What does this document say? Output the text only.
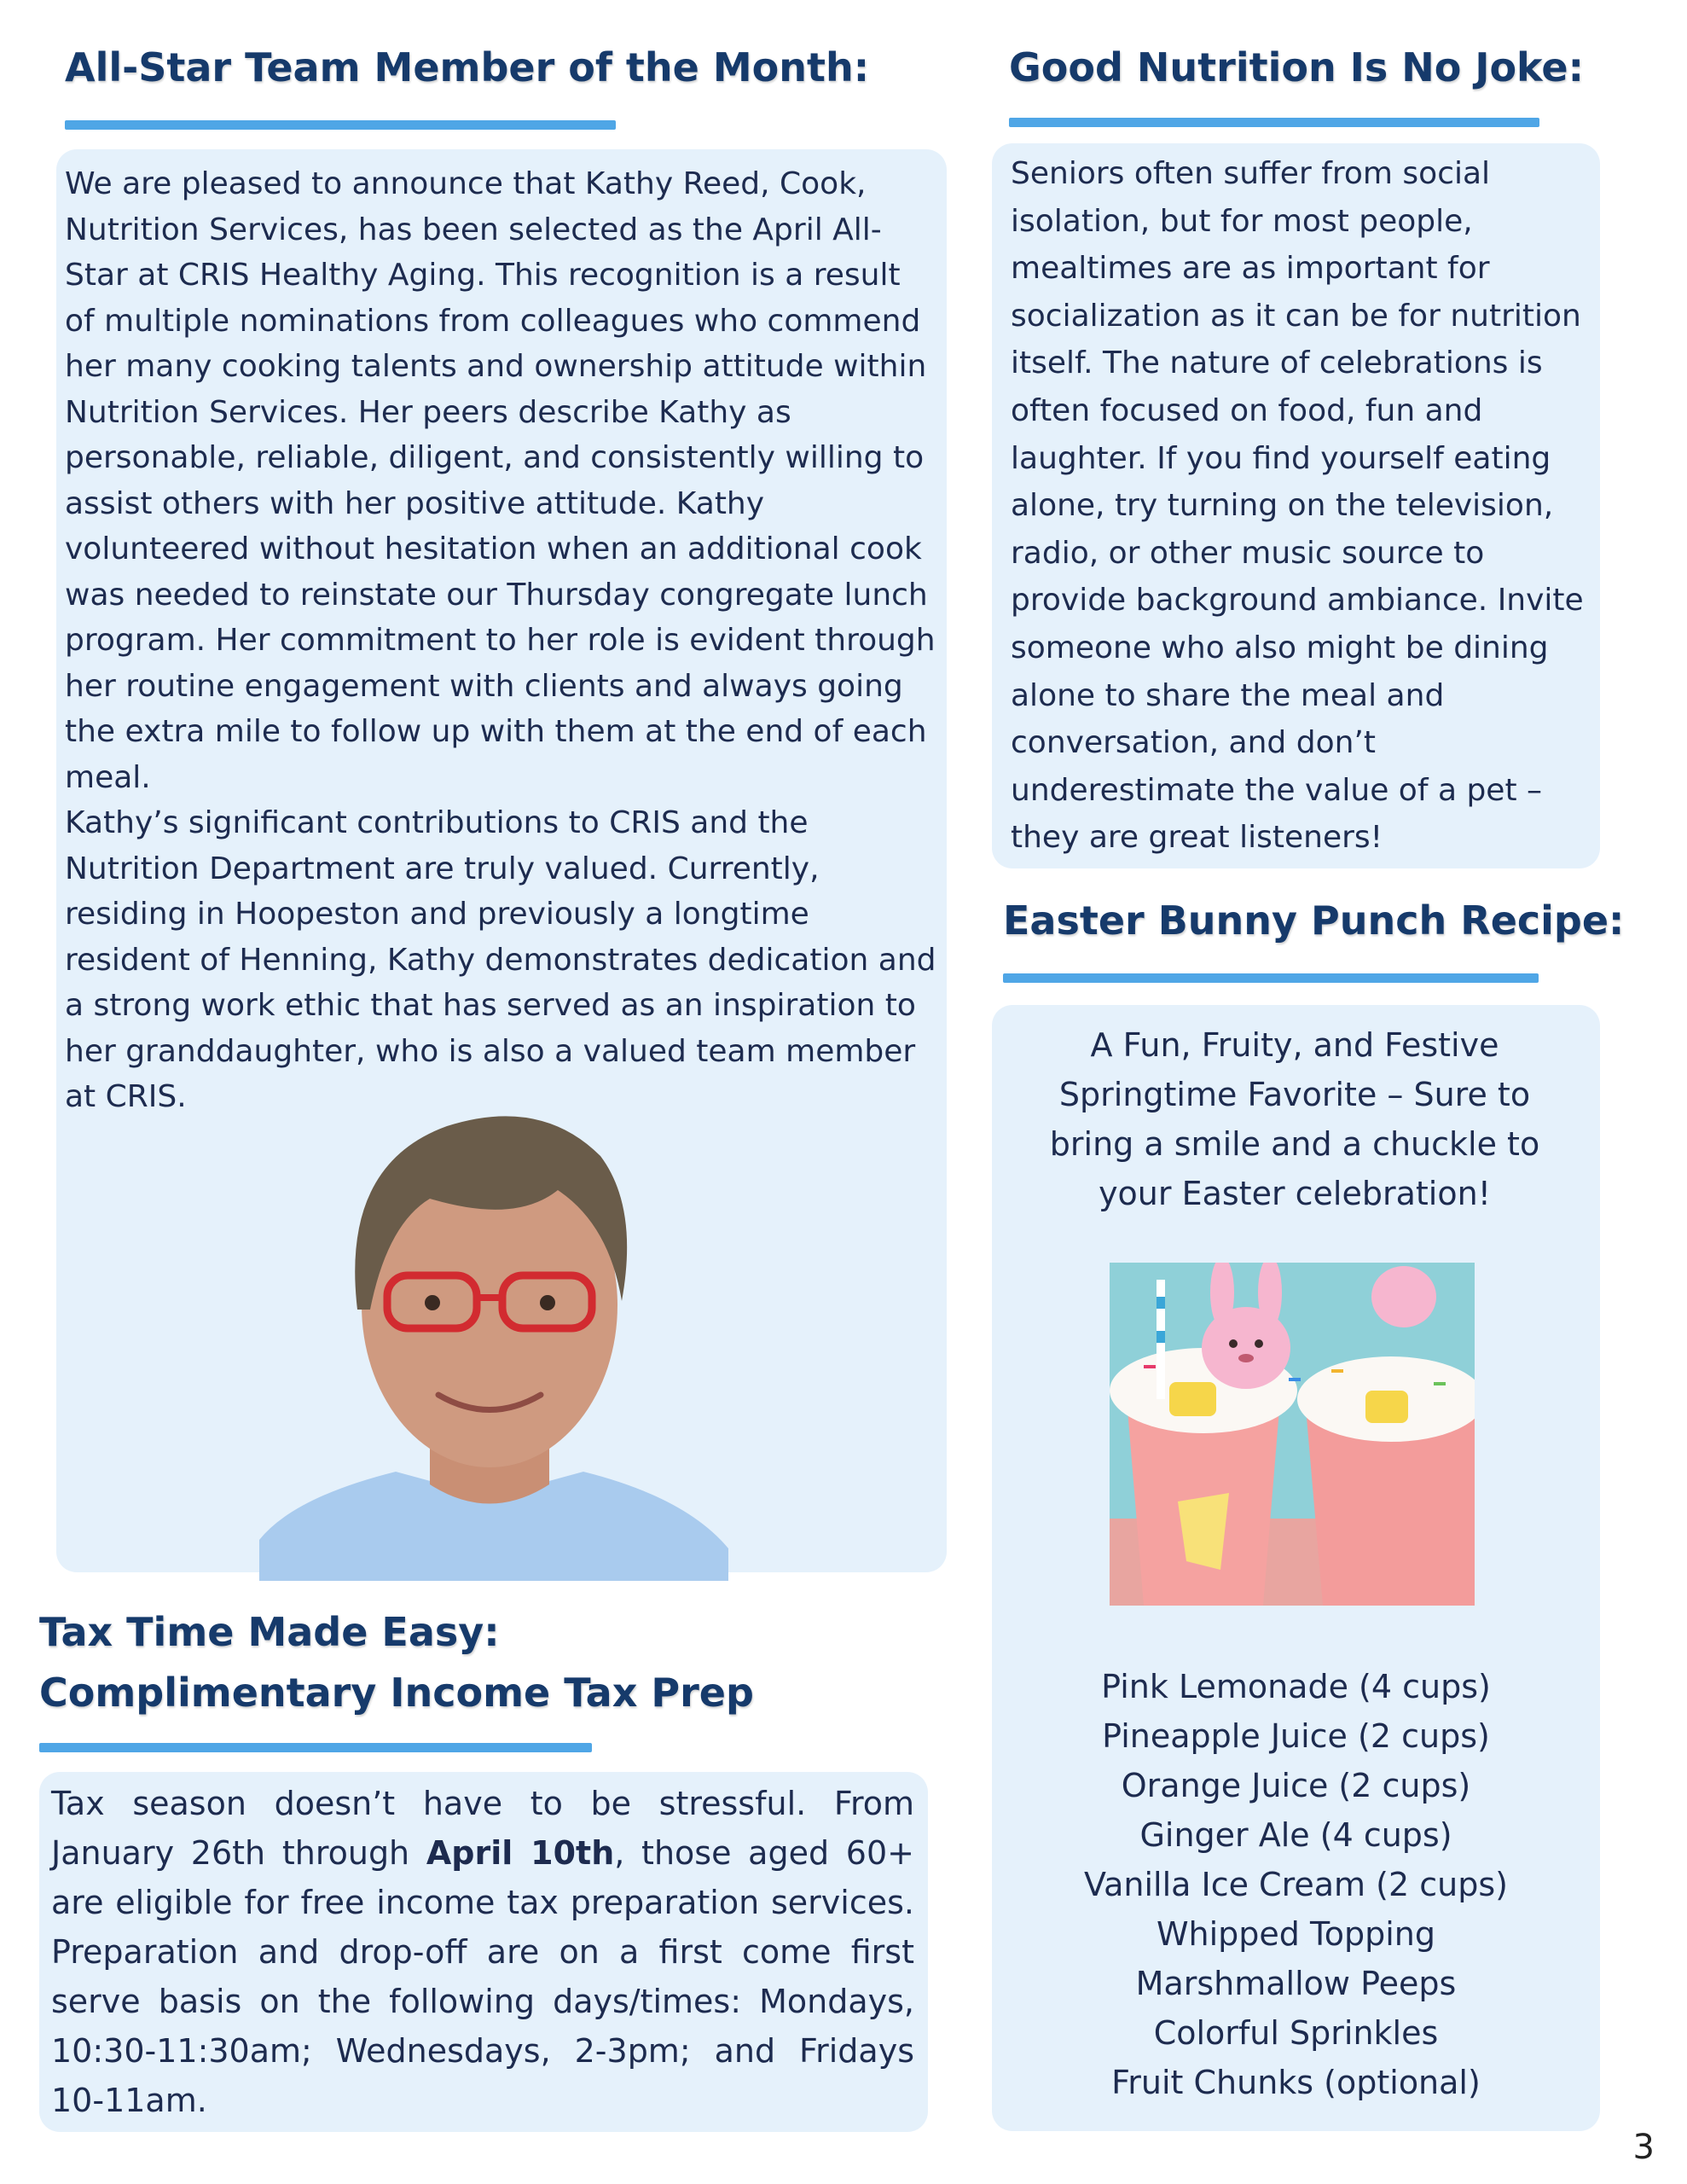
All-Star Team Member of the Month:

We are pleased to announce that Kathy Reed, Cook, Nutrition Services, has been selected as the April All-Star at CRIS Healthy Aging. This recognition is a result of multiple nominations from colleagues who commend her many cooking talents and ownership attitude within Nutrition Services. Her peers describe Kathy as personable, reliable, diligent, and consistently willing to assist others with her positive attitude. Kathy volunteered without hesitation when an additional cook was needed to reinstate our Thursday congregate lunch program. Her commitment to her role is evident through her routine engagement with clients and always going the extra mile to follow up with them at the end of each meal.

Kathy’s significant contributions to CRIS and the Nutrition Department are truly valued. Currently, residing in Hoopeston and previously a longtime resident of Henning, Kathy demonstrates dedication and a strong work ethic that has served as an inspiration to her granddaughter, who is also a valued team member at CRIS.

Good Nutrition Is No Joke:

Seniors often suffer from social isolation, but for most people, mealtimes are as important for socialization as it can be for nutrition itself. The nature of celebrations is often focused on food, fun and laughter. If you find yourself eating alone, try turning on the television, radio, or other music source to provide background ambiance. Invite someone who also might be dining alone to share the meal and conversation, and don’t underestimate the value of a pet – they are great listeners!

Easter Bunny Punch Recipe:

A Fun, Fruity, and Festive Springtime Favorite – Sure to bring a smile and a chuckle to your Easter celebration!

Pink Lemonade (4 cups)

Pineapple Juice (2 cups)

Orange Juice (2 cups)

Ginger Ale (4 cups)

Vanilla Ice Cream (2 cups)

Whipped Topping

Marshmallow Peeps

Colorful Sprinkles

Fruit Chunks (optional)

Tax Time Made Easy:
Complimentary Income Tax Prep

Tax season doesn’t have to be stressful. From January 26th through April 10th, those aged 60+ are eligible for free income tax preparation services. Preparation and drop-off are on a first come first serve basis on the following days/times: Mondays, 10:30-11:30am; Wednesdays, 2-3pm; and Fridays 10-11am.

3
